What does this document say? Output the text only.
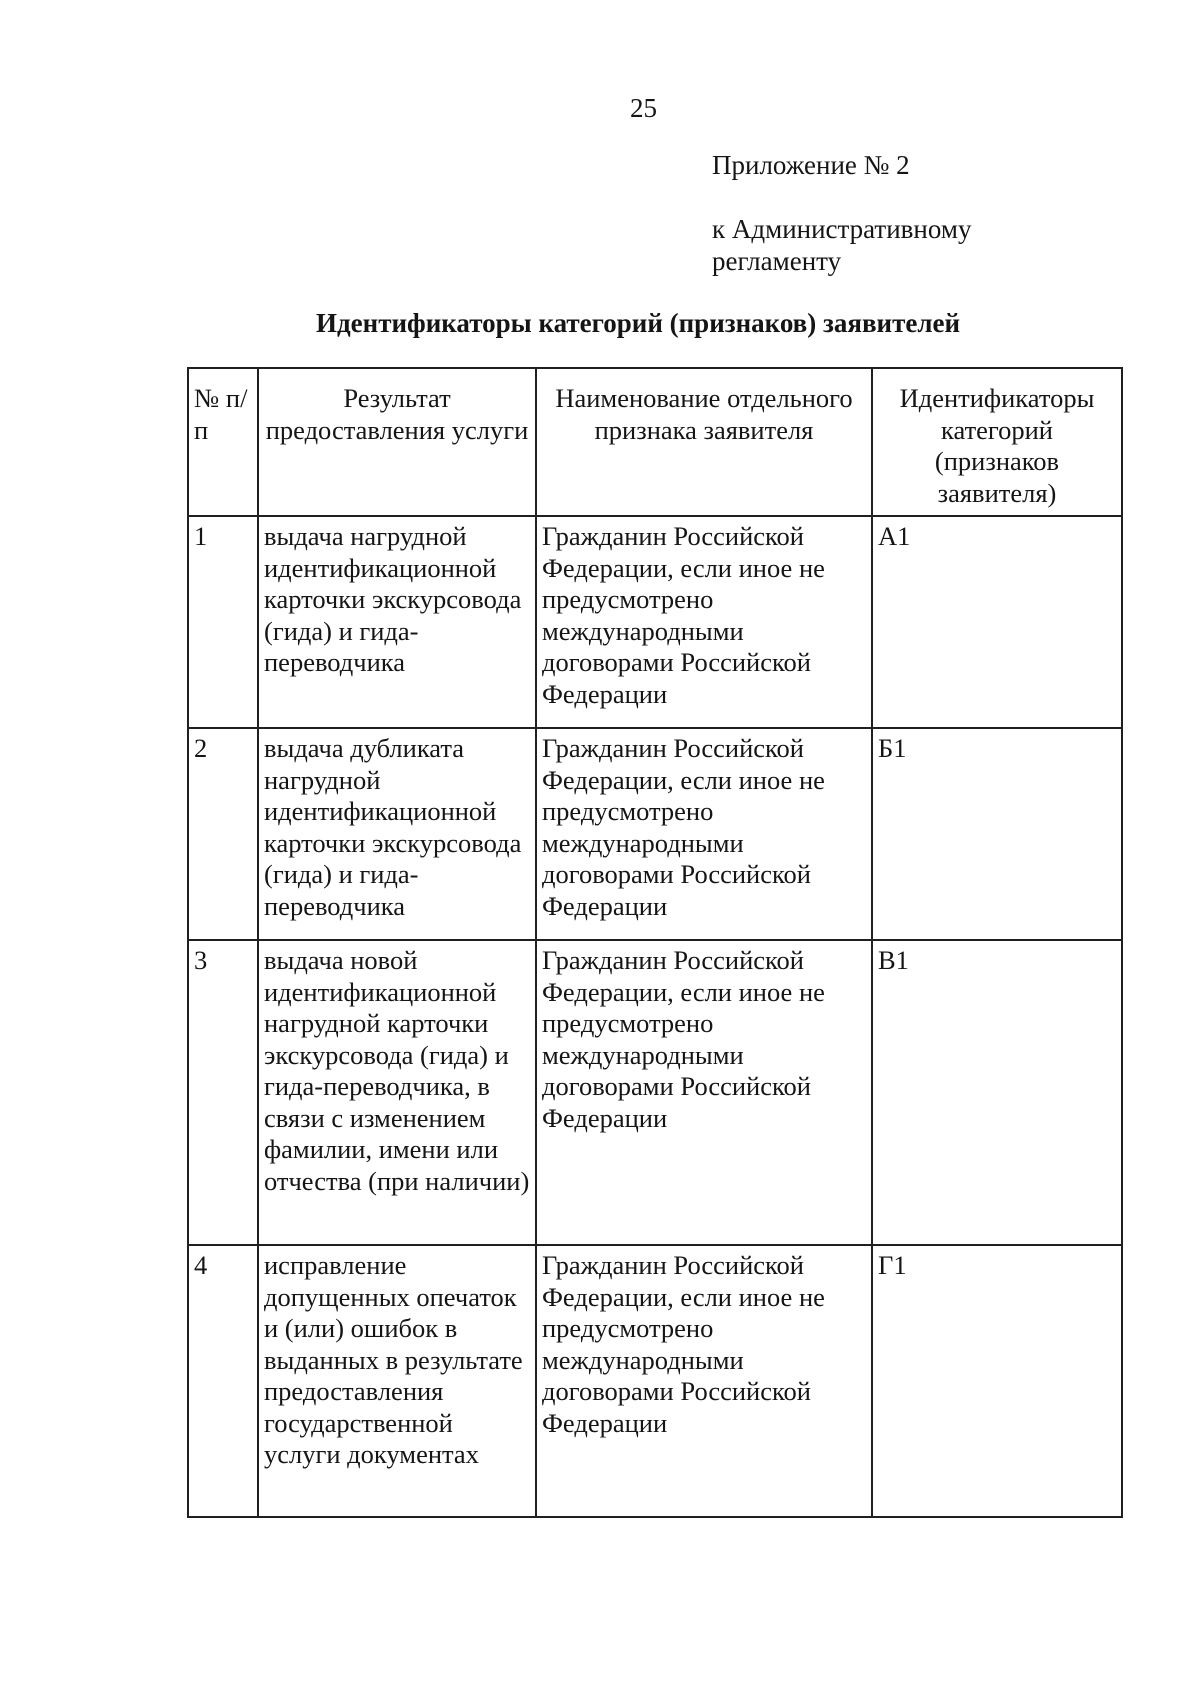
25
Приложение № 2
к Административному регламенту
Идентификаторы категорий (признаков) заявителей
№ п/п	Результат предоставления услуги	Наименование отдельного признака заявителя	Идентификаторы категорий (признаков заявителя)
1	выдача нагрудной идентификационной карточки экскурсовода (гида) и гида-переводчика	Гражданин Российской Федерации, если иное не предусмотрено международными договорами Российской Федерации	А1
2	выдача дубликата нагрудной идентификационной карточки экскурсовода (гида) и гида-переводчика	Гражданин Российской Федерации, если иное не предусмотрено международными договорами Российской Федерации	Б1
3	выдача новой идентификационной нагрудной карточки экскурсовода (гида) и гида-переводчика, в связи с изменением фамилии, имени или отчества (при наличии)	Гражданин Российской Федерации, если иное не предусмотрено международными договорами Российской Федерации	В1
4	исправление допущенных опечаток и (или) ошибок в выданных в результате предоставления государственной услуги документах	Гражданин Российской Федерации, если иное не предусмотрено международными договорами Российской Федерации	Г1
